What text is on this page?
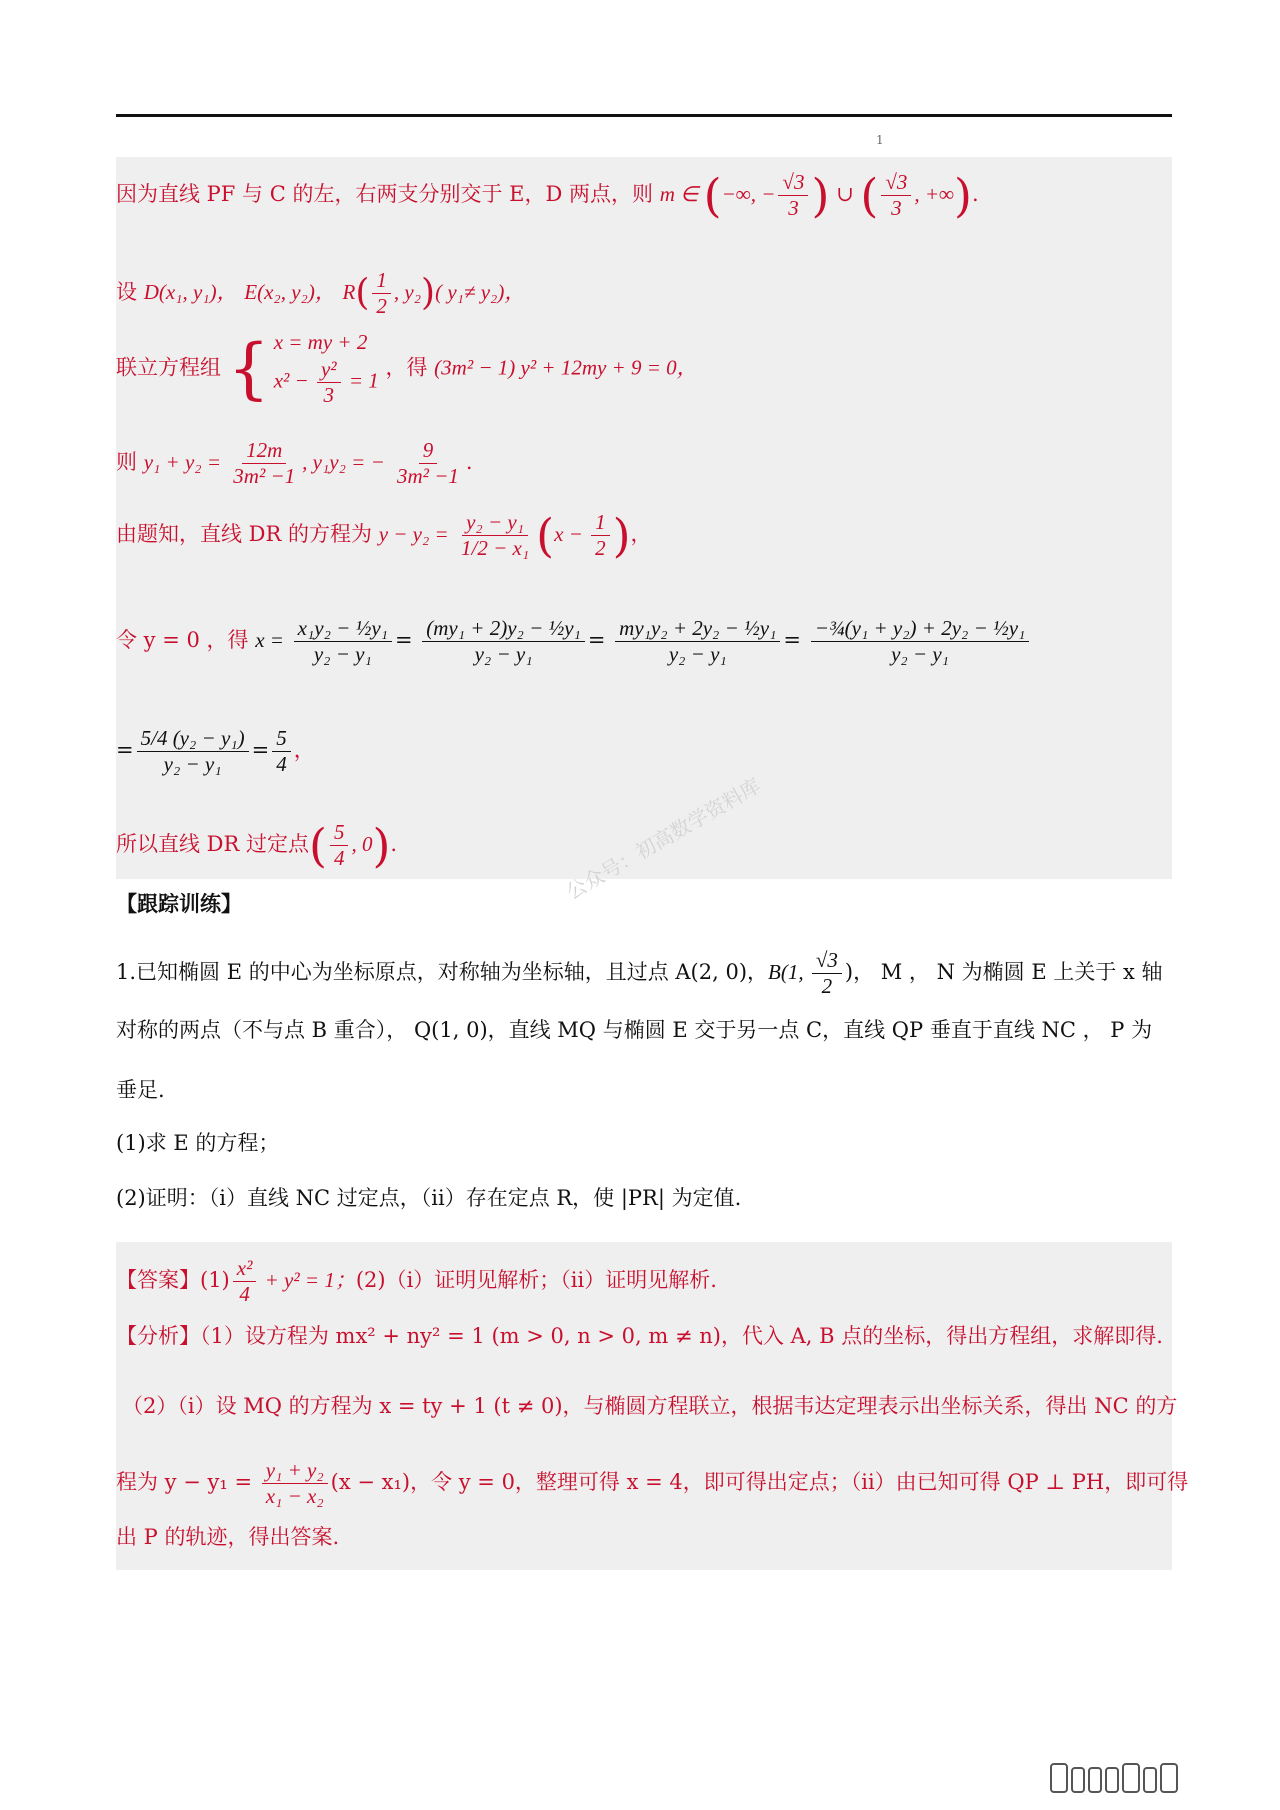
1
因为直线 PF 与 C 的左，右两支分别交于 E，D 两点，则 m ∈ (−∞, − $\frac{√3}{3}$ ) ∪ ( $\frac{√3}{3}$ , +∞).
设 D(x₁, y₁)， E(x₂, y₂)， $R( \frac{1}{2}$ , y₂)( y₁≠ y₂)，
联立方程组 { x = my + 2
$x^2 - \frac{\text{y²}}{3} = 1$
，得 (3m² − 1) y² + 12my + 9 = 0，
则 $y_1 + y_2 = \frac{12m}{\text{3m² −1}}$ , y₁y₂ = − $\frac{9}{\text{3m² −1}}$ .
由题知，直线 DR 的方程为 $y - y_2 = \frac{\text{y₂ − y₁}}{\text{1/2 − x₁}} (x - \frac{1}{2}$ )，
令 y = 0 ，得 $x = \frac{\text{x₁y₂ − ½y₁}}{\text{y₂ − y₁}} = \frac{\text{(my₁ + 2)y₂ − ½y₁}}{\text{y₂ − y₁}} = \frac{\text{my₁y₂ + 2y₂ − ½y₁}}{\text{y₂ − y₁}} = \frac{\text{−¾(y₁ + y₂) + 2y₂ − ½y₁}}{\text{y₂ − y₁}}$
= $\frac{\text{5/4 (y₂ − y₁)}}{\text{y₂ − y₁}} = \frac{5}{4}$ ，
所以直线 DR 过定点( $\frac{5}{4}$ , 0).
【跟踪训练】
1.已知椭圆 E 的中心为坐标原点，对称轴为坐标轴，且过点 A(2, 0)，B(1, $\frac{√3}{2}$ )， M ， N 为椭圆 E 上关于 x 轴
对称的两点（不与点 B 重合）， Q(1, 0)，直线 MQ 与椭圆 E 交于另一点 C，直线 QP 垂直于直线 NC ， P 为
垂足.
(1)求 E 的方程；
(2)证明：（i）直线 NC 过定点，（ii）存在定点 R，使 |PR| 为定值.
【答案】$(1) \frac{\text{x²}}{4} + y^2 = 1$；(2)（i）证明见解析；（ii）证明见解析.
【分析】（1）设方程为 mx² + ny² = 1 (m > 0, n > 0, m ≠ n)，代入 A, B 点的坐标，得出方程组，求解即得.
（2）（i）设 MQ 的方程为 x = ty + 1 (t ≠ 0)，与椭圆方程联立，根据韦达定理表示出坐标关系，得出 NC 的方
程为 $y - y_1 = \frac{\text{y₁ + y₂}}{\text{x₁ − x₂}} (x - x_1)$，令 y = 0，整理可得 x = 4，即可得出定点；（ii）由已知可得 QP ⊥ PH，即可得
出 P 的轨迹，得出答案.
公众号：初高数学资料库
